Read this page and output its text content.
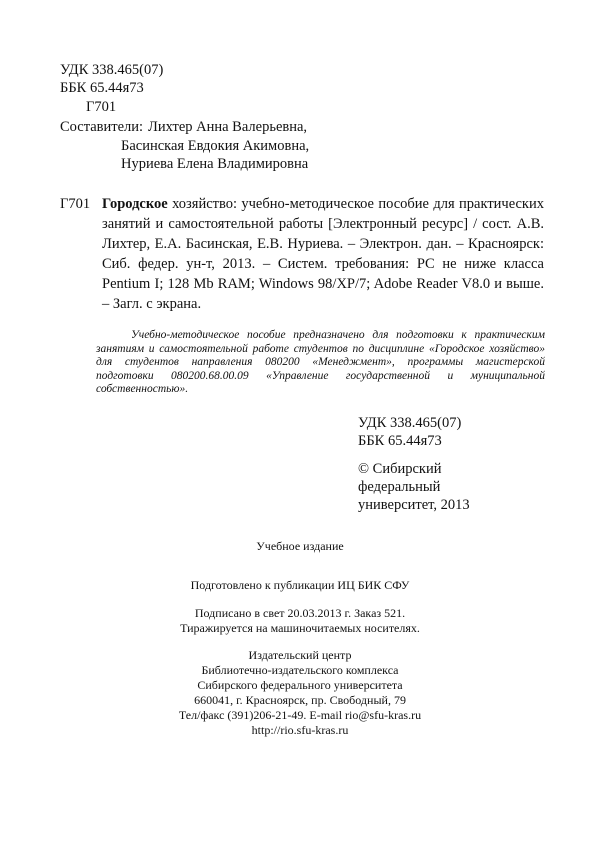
УДК 338.465(07)
ББК 65.44я73
Г701
Составители: Лихтер Анна Валерьевна,
Басинская Евдокия Акимовна,
Нуриева Елена Владимировна
Г701 Городское хозяйство: учебно-методическое пособие для практических занятий и самостоятельной работы [Электронный ресурс] / сост. А.В. Лихтер, Е.А. Басинская, Е.В. Нуриева. – Электрон. дан. – Красноярск: Сиб. федер. ун-т, 2013. – Систем. требования: PC не ниже класса Pentium I; 128 Mb RAM; Windows 98/XP/7; Adobe Reader V8.0 и выше. – Загл. с экрана.
Учебно-методическое пособие предназначено для подготовки к практическим занятиям и самостоятельной работе студентов по дисциплине «Городское хозяйство» для студентов направления 080200 «Менеджмент», программы магистерской подготовки 080200.68.00.09 «Управление государственной и муниципальной собственностью».
УДК 338.465(07)
ББК 65.44я73
© Сибирский
федеральный
университет, 2013
Учебное издание
Подготовлено к публикации ИЦ БИК СФУ
Подписано в свет 20.03.2013 г. Заказ 521.
Тиражируется на машиночитаемых носителях.
Издательский центр
Библиотечно-издательского комплекса
Сибирского федерального университета
660041, г. Красноярск, пр. Свободный, 79
Тел/факс (391)206-21-49. E-mail rio@sfu-kras.ru
http://rio.sfu-kras.ru
